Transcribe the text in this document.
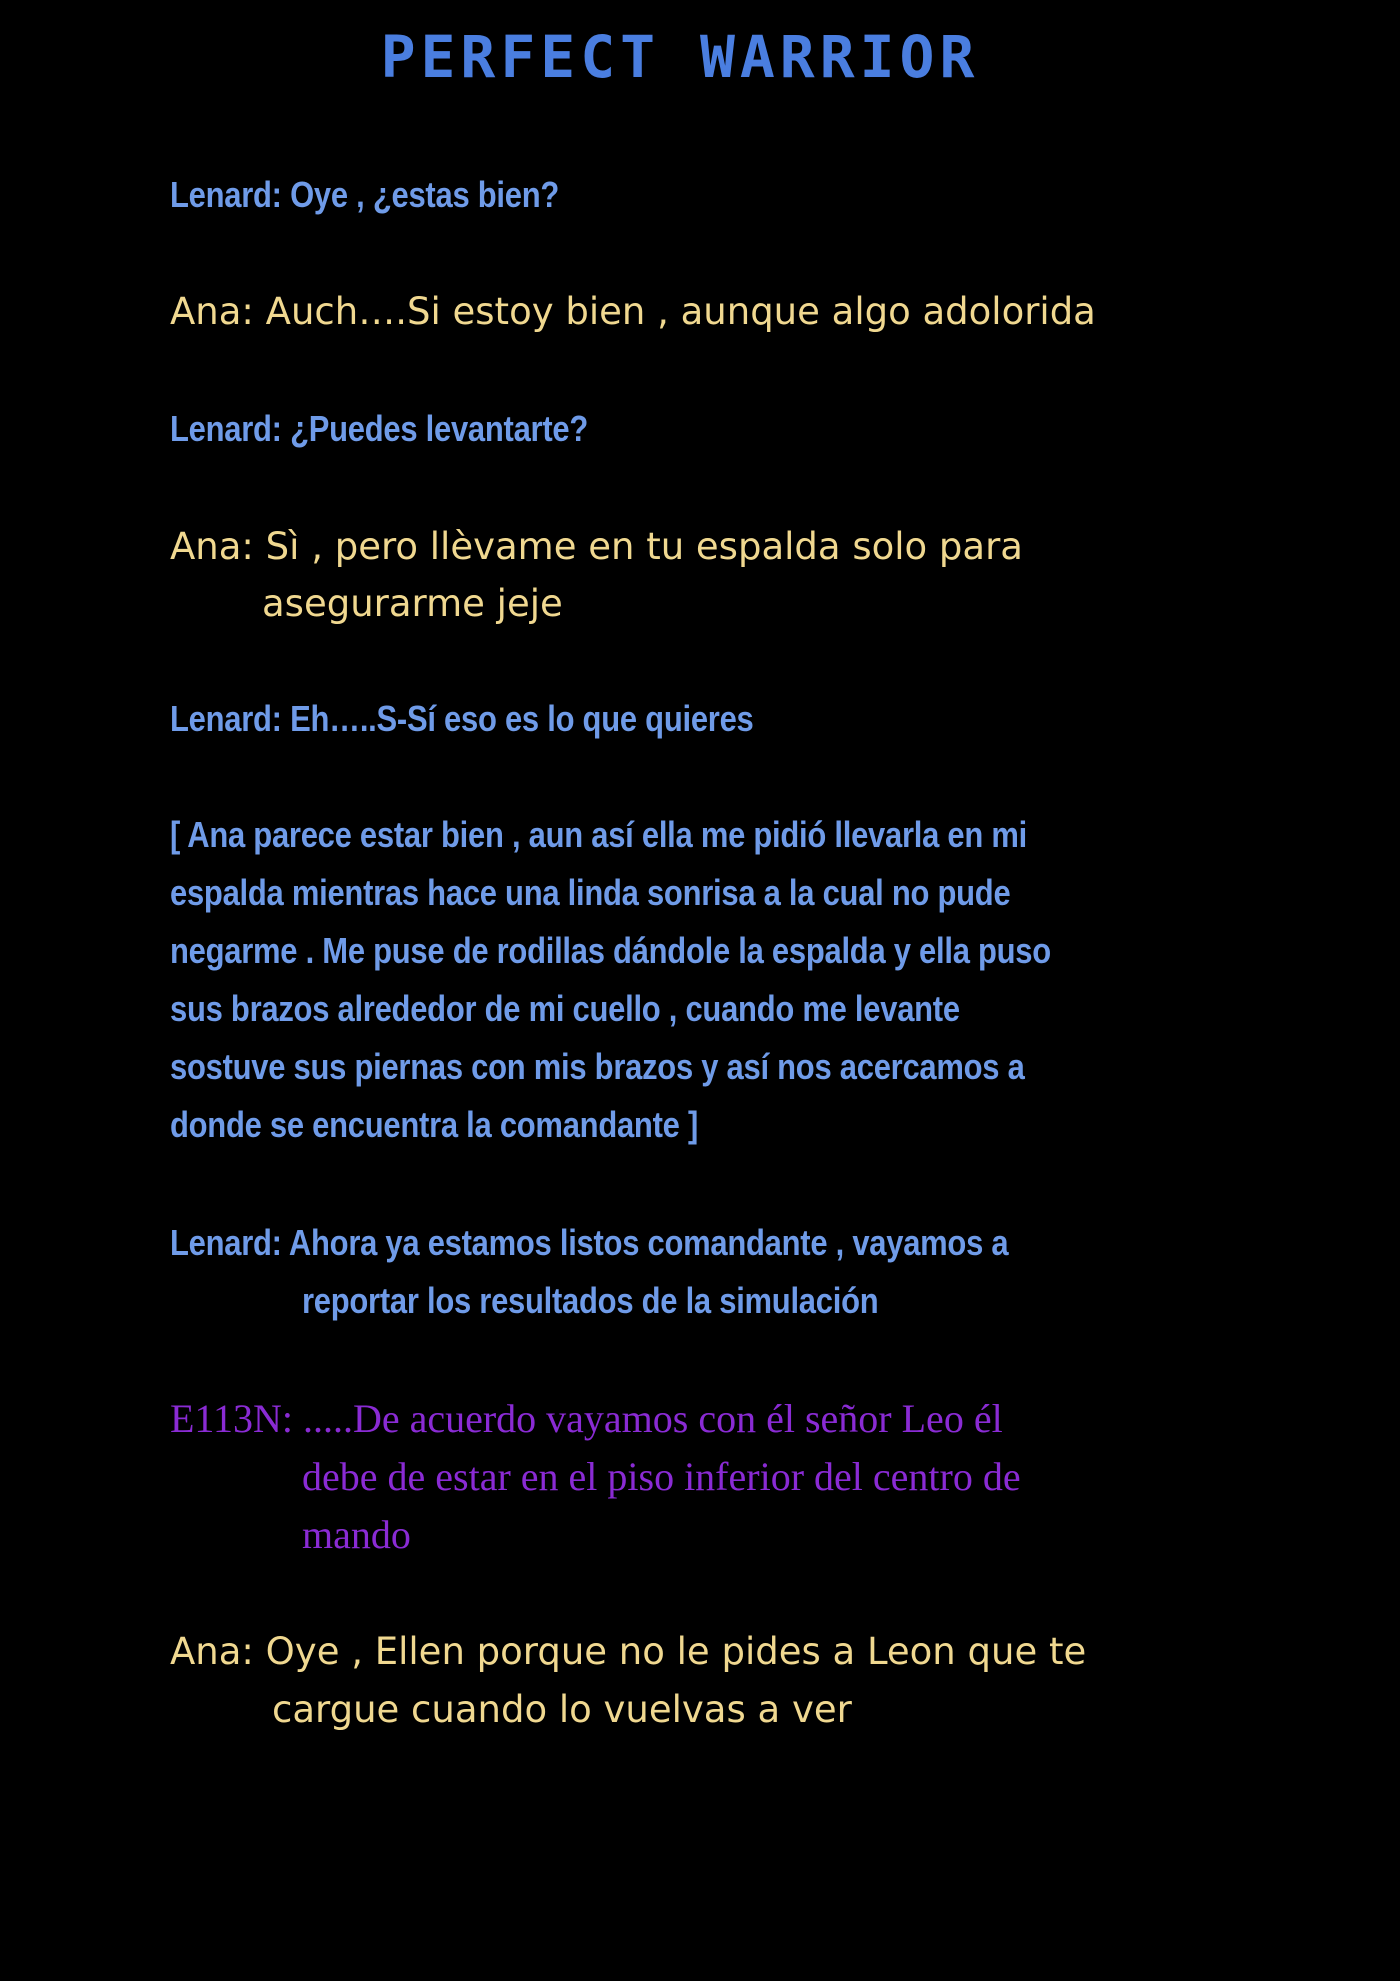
PERFECT WARRIOR

Lenard: Oye , ¿estas bien?

Ana: Auch….Si estoy bien , aunque algo adolorida

Lenard: ¿Puedes levantarte?

Ana: Sì , pero llèvame en tu espalda solo para

asegurarme jeje

Lenard: Eh…..S-Sí eso es lo que quieres

[ Ana parece estar bien , aun así ella me pidió llevarla en mi
espalda mientras hace una linda sonrisa a la cual no pude
negarme . Me puse de rodillas dándole la espalda y ella puso
sus brazos alrededor de mi cuello , cuando me levante
sostuve sus piernas con mis brazos y así nos acercamos a
donde se encuentra la comandante ]

Lenard: Ahora ya estamos listos comandante , vayamos a

reportar los resultados de la simulación

E113N: .....De acuerdo vayamos con él señor Leo él

debe de estar en el piso inferior del centro de

mando

Ana: Oye , Ellen porque no le pides a Leon que te

cargue cuando lo vuelvas a ver
